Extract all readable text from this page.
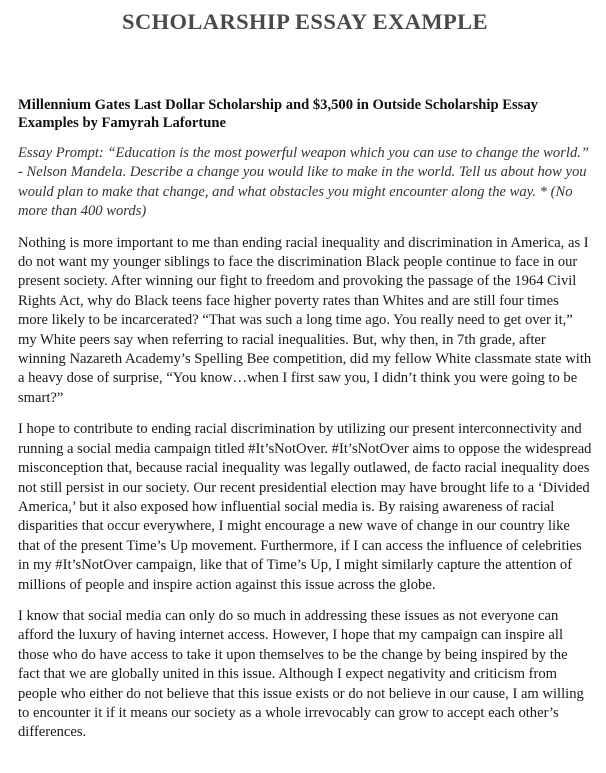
SCHOLARSHIP ESSAY EXAMPLE
Millennium Gates Last Dollar Scholarship and $3,500 in Outside Scholarship Essay Examples by Famyrah Lafortune

Essay Prompt: “Education is the most powerful weapon which you can use to change the world.” - Nelson Mandela. Describe a change you would like to make in the world. Tell us about how you would plan to make that change, and what obstacles you might encounter along the way. * (No more than 400 words)

Nothing is more important to me than ending racial inequality and discrimination in America, as I do not want my younger siblings to face the discrimination Black people continue to face in our present society. After winning our fight to freedom and provoking the passage of the 1964 Civil Rights Act, why do Black teens face higher poverty rates than Whites and are still four times more likely to be incarcerated? “That was such a long time ago. You really need to get over it,” my White peers say when referring to racial inequalities. But, why then, in 7th grade, after winning Nazareth Academy’s Spelling Bee competition, did my fellow White classmate state with a heavy dose of surprise, “You know…when I first saw you, I didn’t think you were going to be smart?”

I hope to contribute to ending racial discrimination by utilizing our present interconnectivity and running a social media campaign titled #It’sNotOver. #It’sNotOver aims to oppose the widespread misconception that, because racial inequality was legally outlawed, de facto racial inequality does not still persist in our society. Our recent presidential election may have brought life to a ‘Divided America,’ but it also exposed how influential social media is. By raising awareness of racial disparities that occur everywhere, I might encourage a new wave of change in our country like that of the present Time’s Up movement. Furthermore, if I can access the influence of celebrities in my #It’sNotOver campaign, like that of Time’s Up, I might similarly capture the attention of millions of people and inspire action against this issue across the globe.

I know that social media can only do so much in addressing these issues as not everyone can afford the luxury of having internet access. However, I hope that my campaign can inspire all those who do have access to take it upon themselves to be the change by being inspired by the fact that we are globally united in this issue. Although I expect negativity and criticism from people who either do not believe that this issue exists or do not believe in our cause, I am willing to encounter it if it means our society as a whole irrevocably can grow to accept each other’s differences.
